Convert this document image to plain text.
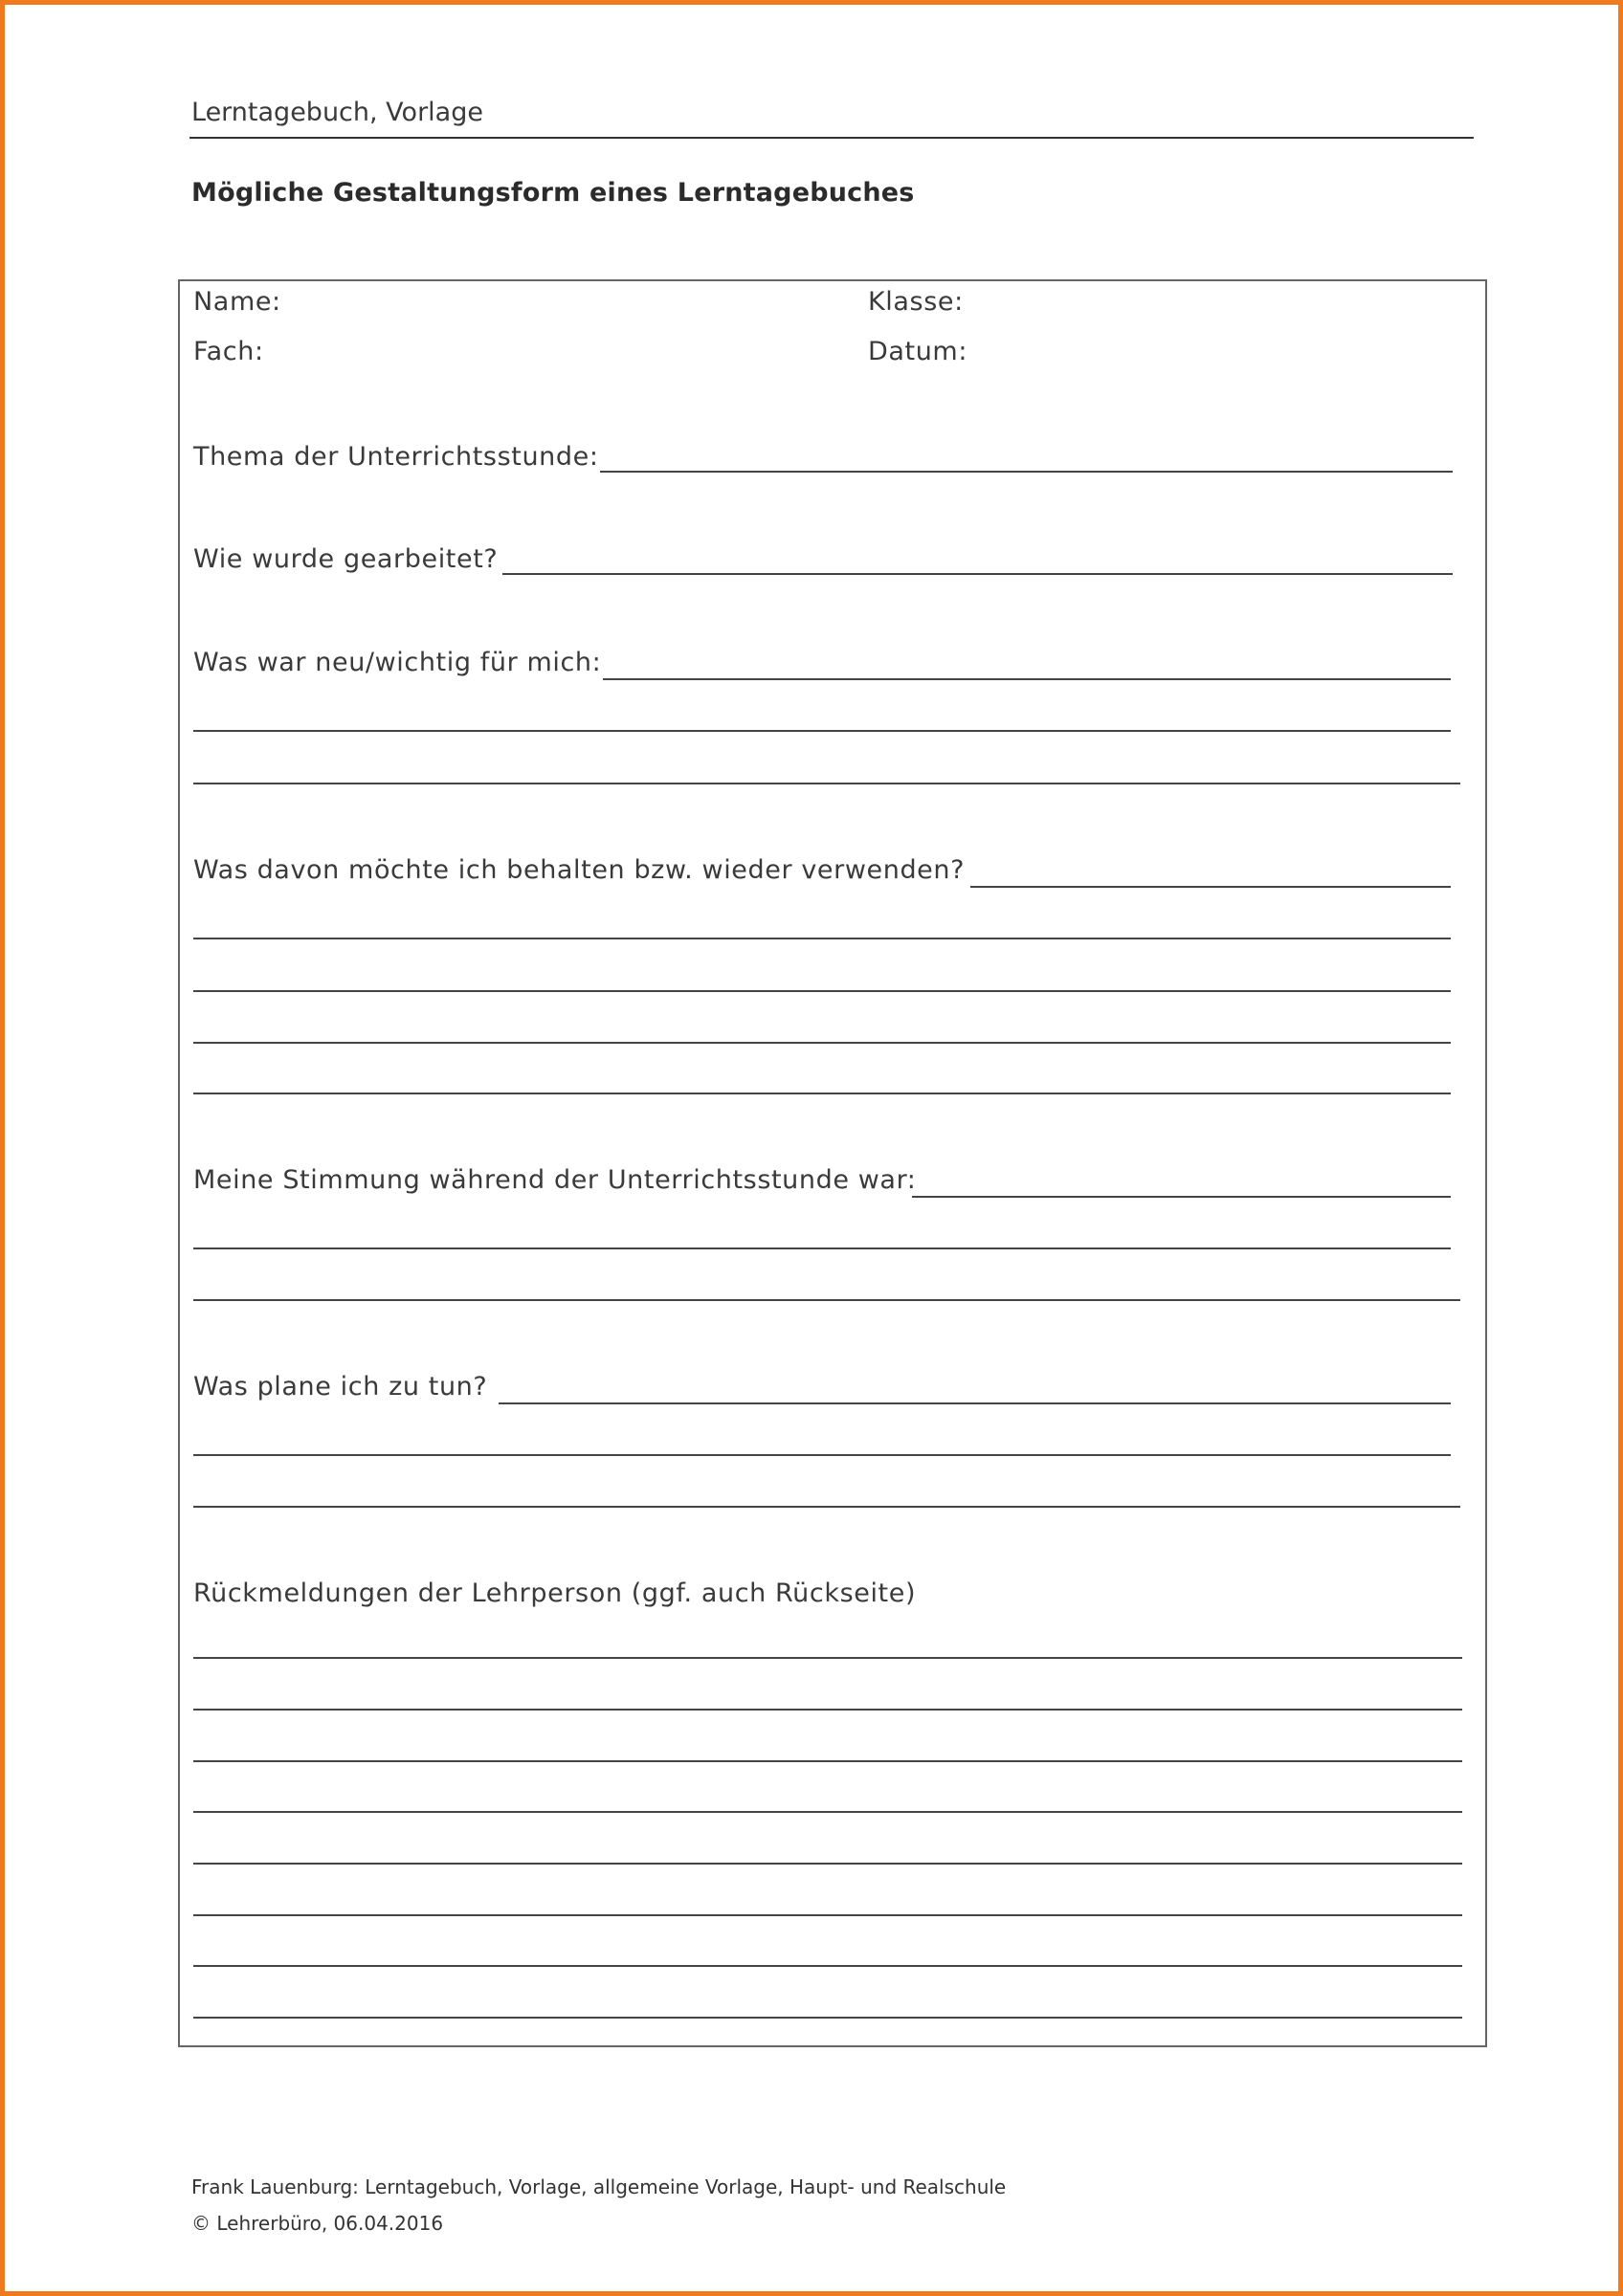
Lerntagebuch, Vorlage
Mögliche Gestaltungsform eines Lerntagebuches
Name:	Klasse:
Fach:	Datum:
Thema der Unterrichtsstunde:
Wie wurde gearbeitet?
Was war neu/wichtig für mich:
Was davon möchte ich behalten bzw. wieder verwenden?
Meine Stimmung während der Unterrichtsstunde war:
Was plane ich zu tun?
Rückmeldungen der Lehrperson (ggf. auch Rückseite)
Frank Lauenburg: Lerntagebuch, Vorlage, allgemeine Vorlage, Haupt- und Realschule
© Lehrerbüro, 06.04.2016
